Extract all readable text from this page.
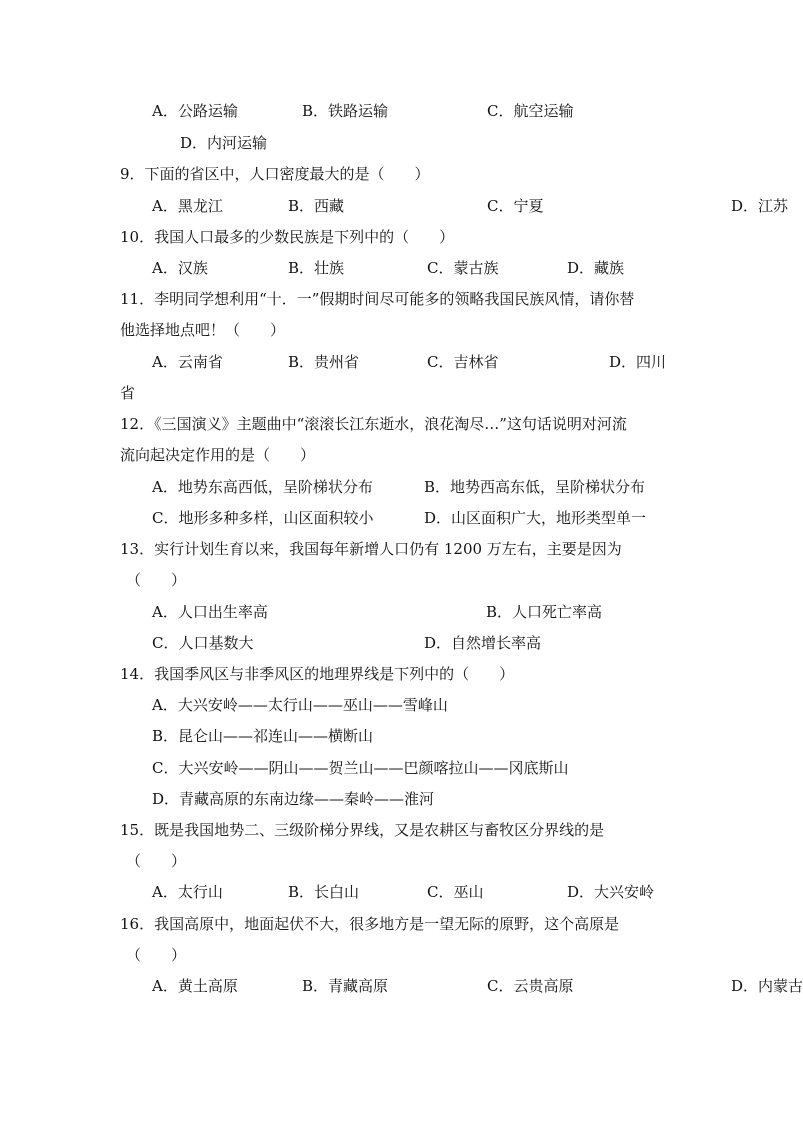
A．公路运输	B．铁路运输	C．航空运输
D．内河运输
9．下面的省区中，人口密度最大的是（　　）
A．黑龙江	B．西藏	C．宁夏	D．江苏
10．我国人口最多的少数民族是下列中的（　　）
A．汉族	B．壮族	C．蒙古族	D．藏族
11．李明同学想利用“十．一”假期时间尽可能多的领略我国民族风情，请你替
他选择地点吧！（　　）
A．云南省	B．贵州省	C．吉林省	D．四川
省
12．《三国演义》主题曲中“滚滚长江东逝水，浪花淘尽…”这句话说明对河流
流向起决定作用的是（　　）
A．地势东高西低，呈阶梯状分布	B．地势西高东低，呈阶梯状分布
C．地形多种多样，山区面积较小	D．山区面积广大，地形类型单一
13．实行计划生育以来，我国每年新增人口仍有 1200 万左右，主要是因为
（　　）
A．人口出生率高	B．人口死亡率高
C．人口基数大	D．自然增长率高
14．我国季风区与非季风区的地理界线是下列中的（　　）
A．大兴安岭——太行山——巫山——雪峰山
B．昆仑山——祁连山——横断山
C．大兴安岭——阴山——贺兰山——巴颜喀拉山——冈底斯山
D．青藏高原的东南边缘——秦岭——淮河
15．既是我国地势二、三级阶梯分界线，又是农耕区与畜牧区分界线的是
（　　）
A．太行山	B．长白山	C．巫山	D．大兴安岭
16．我国高原中，地面起伏不大，很多地方是一望无际的原野，这个高原是
（　　）
A．黄土高原	B．青藏高原	C．云贵高原	D．内蒙古
